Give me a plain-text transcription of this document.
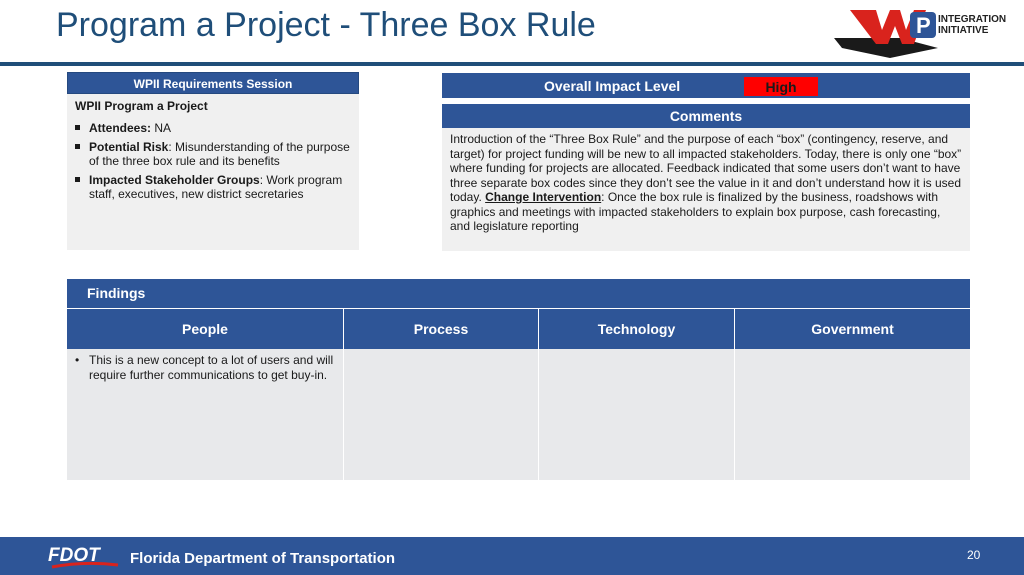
Program a Project - Three Box Rule	P INTEGRATION
INITIATIVE
WPII Requirements Session
WPII Program a Project
Attendees: NA
Potential Risk: Misunderstanding of the purpose of the three box rule and its benefits
Impacted Stakeholder Groups: Work program staff, executives, new district secretaries
Overall Impact Level	High
Comments
Introduction of the “Three Box Rule” and the purpose of each “box” (contingency, reserve, and target) for project funding will be new to all impacted stakeholders. Today, there is only one “box” where funding for projects are allocated. Feedback indicated that some users don’t want to have three separate box codes since they don’t see the value in it and don’t understand how it is used today. Change Intervention: Once the box rule is finalized by the business, roadshows with graphics and meetings with impacted stakeholders to explain box purpose, cash forecasting, and legislature reporting
Findings
People	Process	Technology	Government
• This is a new concept to a lot of users and will require further communications to get buy-in.
FDOT Florida Department of Transportation	20
